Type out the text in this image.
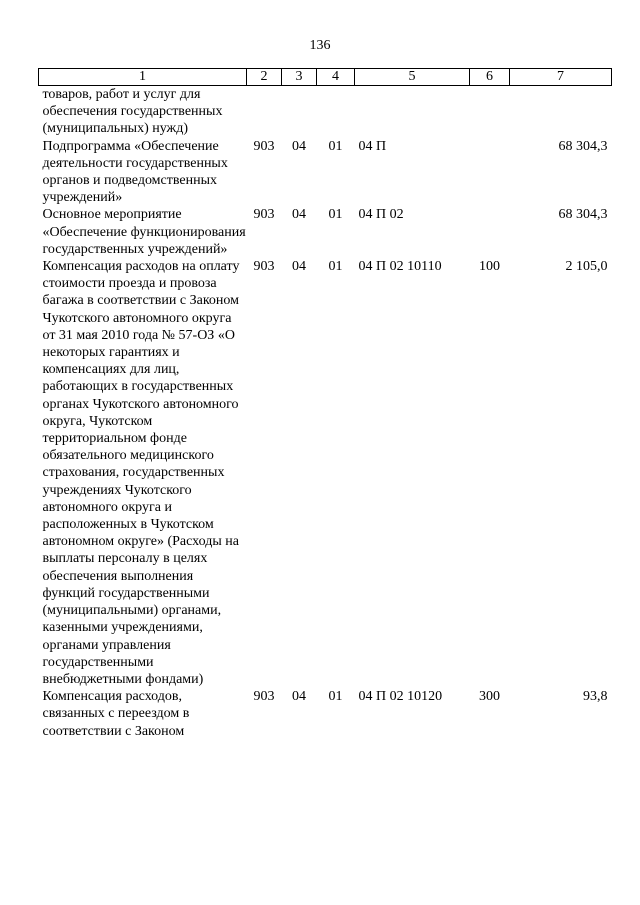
136
1	2	3	4	5	6	7
товаров, работ и услуг для обеспечения государственных (муниципальных) нужд)						
Подпрограмма «Обеспечение деятельности государственных органов и подведомственных учреждений»	903	04	01	04 П		68 304,3
Основное мероприятие «Обеспечение функционирования государственных учреждений»	903	04	01	04 П 02		68 304,3
Компенсация расходов на оплату стоимости проезда и провоза багажа в соответствии с Законом Чукотского автономного округа от 31 мая 2010 года № 57-ОЗ «О некоторых гарантиях и компенсациях для лиц, работающих в государственных органах Чукотского автономного округа, Чукотском территориальном фонде обязательного медицинского страхования, государственных учреждениях Чукотского автономного округа и расположенных в Чукотском автономном округе» (Расходы на выплаты персоналу в целях обеспечения выполнения функций государственными (муниципальными) органами, казенными учреждениями, органами управления государственными внебюджетными фондами)	903	04	01	04 П 02 10110	100	2 105,0
Компенсация расходов, связанных с переездом в соответствии с Законом	903	04	01	04 П 02 10120	300	93,8
